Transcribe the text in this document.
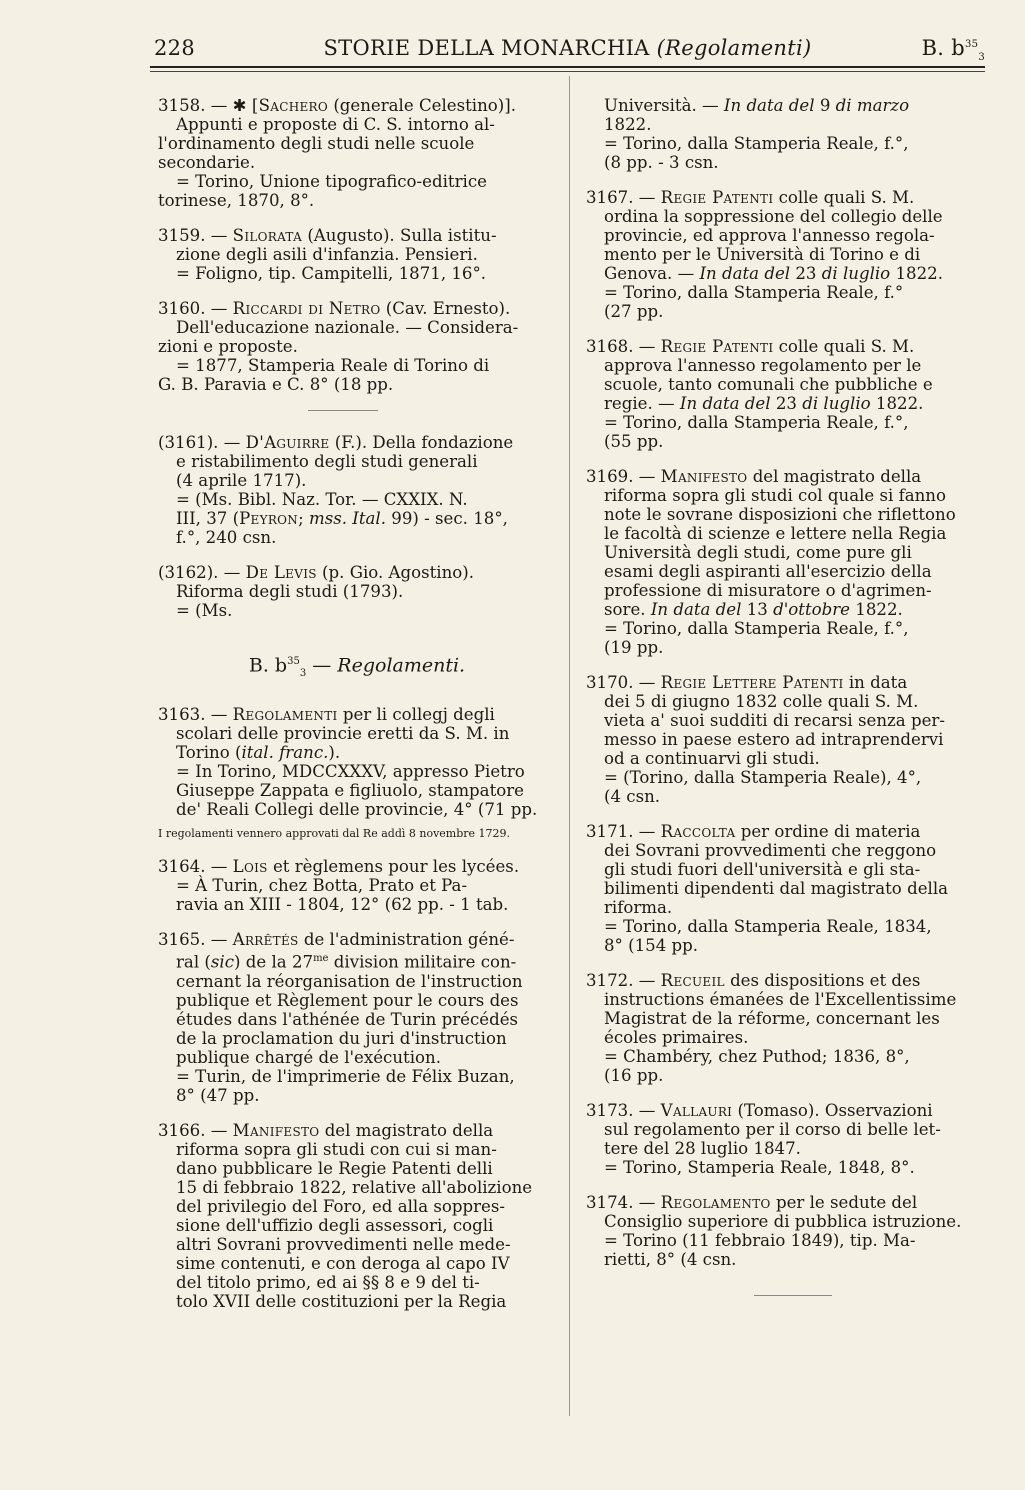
228	STORIE DELLA MONARCHIA (Regolamenti)	B. $b^{35}_3$
3158. — ✱ [Sachero (generale Celestino)].
Appunti e proposte di C. S. intorno al-
l'ordinamento degli studi nelle scuole
secondarie.
= Torino, Unione tipografico-editrice
torinese, 1870, 8°.
3159. — Silorata (Augusto). Sulla istitu-
zione degli asili d'infanzia. Pensieri.
= Foligno, tip. Campitelli, 1871, 16°.
3160. — Riccardi di Netro (Cav. Ernesto).
Dell'educazione nazionale. — Considera-
zioni e proposte.
= 1877, Stamperia Reale di Torino di
G. B. Paravia e C. 8° (18 pp.
(3161). — D'Aguirre (F.). Della fondazione
e ristabilimento degli studi generali
(4 aprile 1717).
= (Ms. Bibl. Naz. Tor. — CXXIX. N.
III, 37 (Peyron; mss. Ital. 99) - sec. 18°,
f.°, 240 csn.
(3162). — De Levis (p. Gio. Agostino).
Riforma degli studi (1793).
= (Ms.
B. $b^{35}_3$ — Regolamenti.
3163. — Regolamenti per li collegj degli
scolari delle provincie eretti da S. M. in
Torino (ital. franc.).
= In Torino, MDCCXXXV, appresso Pietro
Giuseppe Zappata e figliuolo, stampatore
de' Reali Collegi delle provincie, 4° (71 pp.
I regolamenti vennero approvati dal Re addì 8 novembre 1729.
3164. — Lois et règlemens pour les lycées.
= À Turin, chez Botta, Prato et Pa-
ravia an XIII - 1804, 12° (62 pp. - 1 tab.
3165. — Arrêtés de l'administration géné-
ral (sic) de la $27^{me}$ division militaire con-
cernant la réorganisation de l'instruction
publique et Règlement pour le cours des
études dans l'athénée de Turin précédés
de la proclamation du juri d'instruction
publique chargé de l'exécution.
= Turin, de l'imprimerie de Félix Buzan,
8° (47 pp.
3166. — Manifesto del magistrato della
riforma sopra gli studi con cui si man-
dano pubblicare le Regie Patenti delli
15 di febbraio 1822, relative all'abolizione
del privilegio del Foro, ed alla soppres-
sione dell'uffizio degli assessori, cogli
altri Sovrani provvedimenti nelle mede-
sime contenuti, e con deroga al capo IV
del titolo primo, ed ai §§ 8 e 9 del ti-
tolo XVII delle costituzioni per la Regia
Università. — In data del 9 di marzo
1822.
= Torino, dalla Stamperia Reale, f.°,
(8 pp. - 3 csn.
3167. — Regie Patenti colle quali S. M.
ordina la soppressione del collegio delle
provincie, ed approva l'annesso regola-
mento per le Università di Torino e di
Genova. — In data del 23 di luglio 1822.
= Torino, dalla Stamperia Reale, f.°
(27 pp.
3168. — Regie Patenti colle quali S. M.
approva l'annesso regolamento per le
scuole, tanto comunali che pubbliche e
regie. — In data del 23 di luglio 1822.
= Torino, dalla Stamperia Reale, f.°,
(55 pp.
3169. — Manifesto del magistrato della
riforma sopra gli studi col quale si fanno
note le sovrane disposizioni che riflettono
le facoltà di scienze e lettere nella Regia
Università degli studi, come pure gli
esami degli aspiranti all'esercizio della
professione di misuratore o d'agrimen-
sore. In data del 13 d'ottobre 1822.
= Torino, dalla Stamperia Reale, f.°,
(19 pp.
3170. — Regie Lettere Patenti in data
dei 5 di giugno 1832 colle quali S. M.
vieta a' suoi sudditi di recarsi senza per-
messo in paese estero ad intraprendervi
od a continuarvi gli studi.
= (Torino, dalla Stamperia Reale), 4°,
(4 csn.
3171. — Raccolta per ordine di materia
dei Sovrani provvedimenti che reggono
gli studi fuori dell'università e gli sta-
bilimenti dipendenti dal magistrato della
riforma.
= Torino, dalla Stamperia Reale, 1834,
8° (154 pp.
3172. — Recueil des dispositions et des
instructions émanées de l'Excellentissime
Magistrat de la réforme, concernant les
écoles primaires.
= Chambéry, chez Puthod; 1836, 8°,
(16 pp.
3173. — Vallauri (Tomaso). Osservazioni
sul regolamento per il corso di belle let-
tere del 28 luglio 1847.
= Torino, Stamperia Reale, 1848, 8°.
3174. — Regolamento per le sedute del
Consiglio superiore di pubblica istruzione.
= Torino (11 febbraio 1849), tip. Ma-
rietti, 8° (4 csn.
